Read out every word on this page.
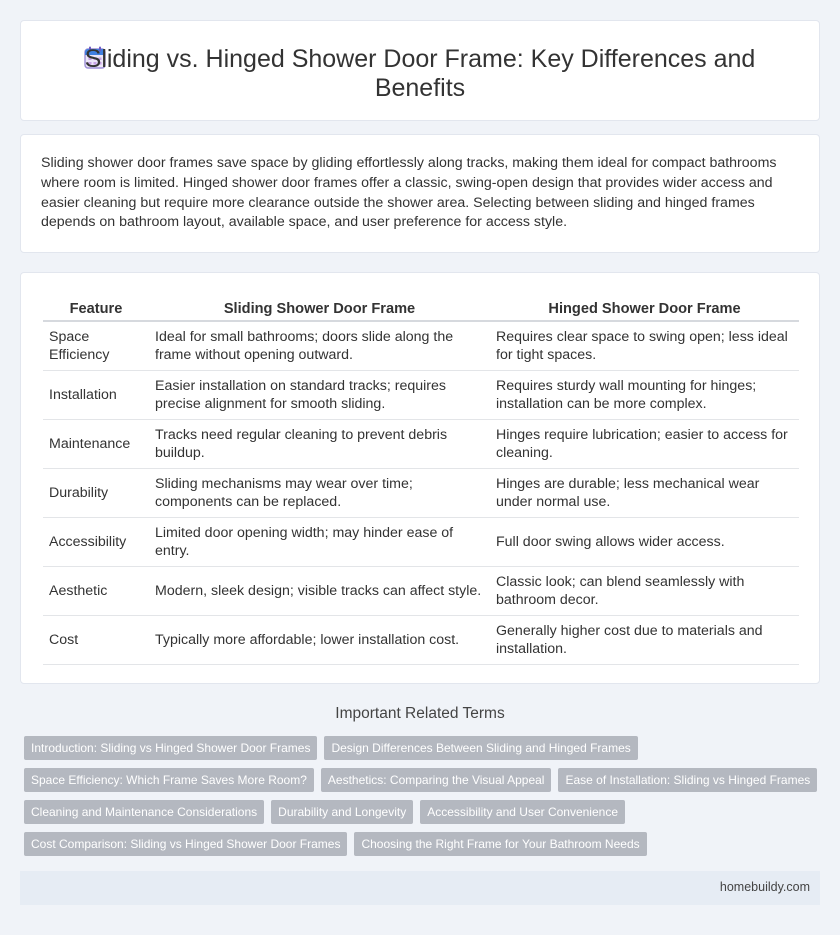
Sliding vs. Hinged Shower Door Frame: Key Differences and
Benefits

Sliding shower door frames save space by gliding effortlessly along tracks, making them ideal for compact bathrooms where room is limited. Hinged shower door frames offer a classic, swing-open design that provides wider access and easier cleaning but require more clearance outside the shower area. Selecting between sliding and hinged frames depends on bathroom layout, available space, and user preference for access style.

Feature	Sliding Shower Door Frame	Hinged Shower Door Frame
Space Efficiency	Ideal for small bathrooms; doors slide along the frame without opening outward.	Requires clear space to swing open; less ideal for tight spaces.
Installation	Easier installation on standard tracks; requires precise alignment for smooth sliding.	Requires sturdy wall mounting for hinges; installation can be more complex.
Maintenance	Tracks need regular cleaning to prevent debris buildup.	Hinges require lubrication; easier to access for cleaning.
Durability	Sliding mechanisms may wear over time; components can be replaced.	Hinges are durable; less mechanical wear under normal use.
Accessibility	Limited door opening width; may hinder ease of entry.	Full door swing allows wider access.
Aesthetic	Modern, sleek design; visible tracks can affect style.	Classic look; can blend seamlessly with bathroom decor.
Cost	Typically more affordable; lower installation cost.	Generally higher cost due to materials and installation.
Important Related Terms
Introduction: Sliding vs Hinged Shower Door Frames	Design Differences Between Sliding and Hinged Frames
Space Efficiency: Which Frame Saves More Room?	Aesthetics: Comparing the Visual Appeal	Ease of Installation: Sliding vs Hinged Frames
Cleaning and Maintenance Considerations	Durability and Longevity	Accessibility and User Convenience
Cost Comparison: Sliding vs Hinged Shower Door Frames	Choosing the Right Frame for Your Bathroom Needs
homebuildy.com
